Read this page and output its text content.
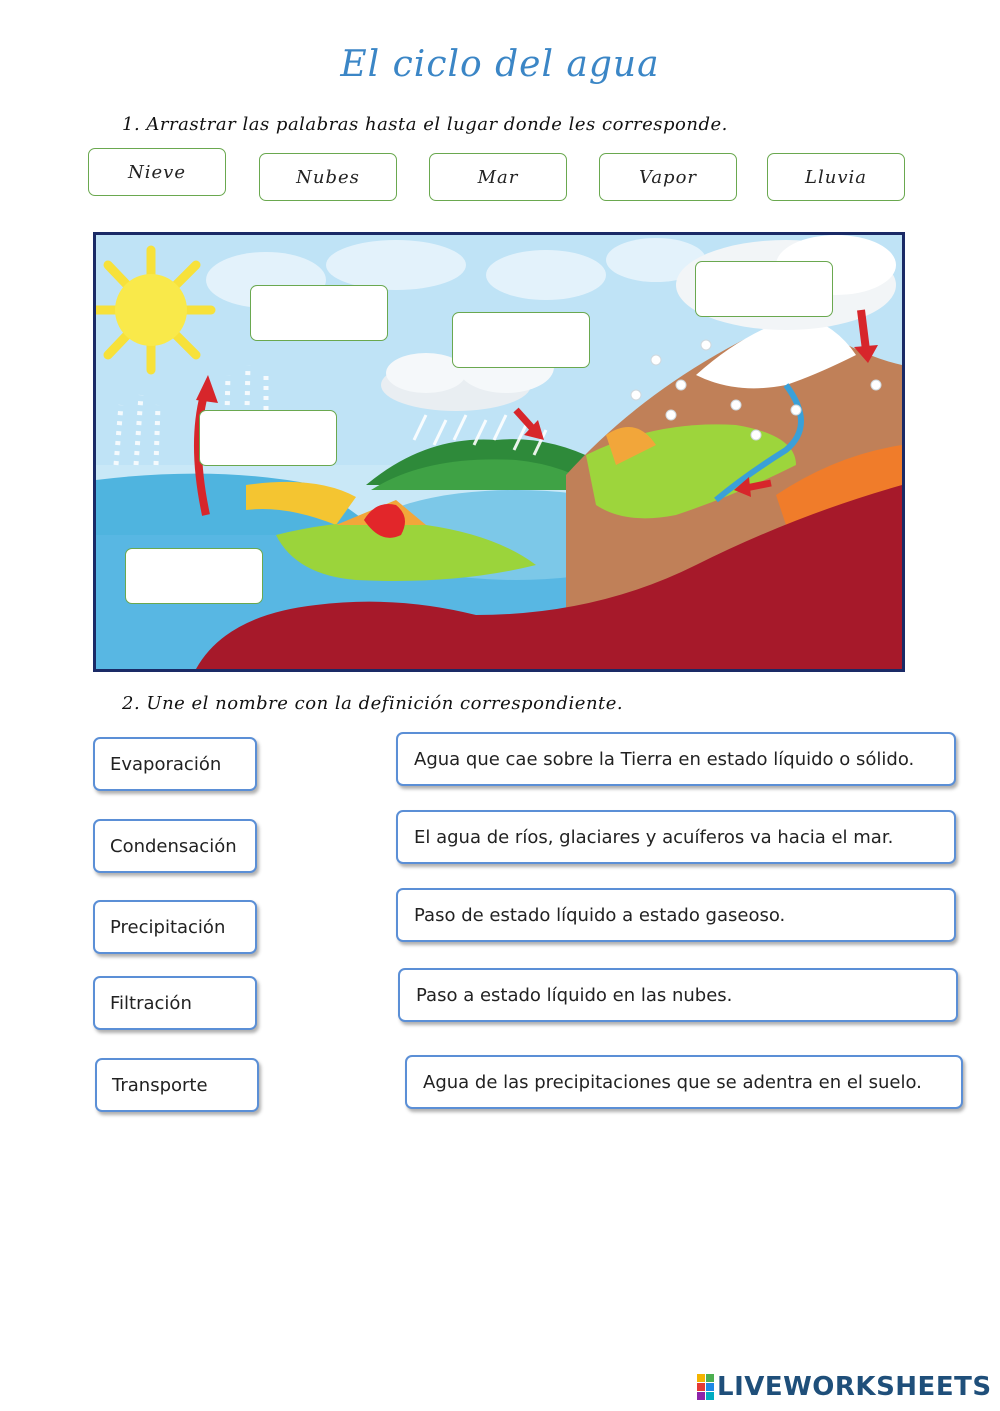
El ciclo del agua
1. Arrastrar las palabras hasta el lugar donde les corresponde.
Nieve	Nubes	Mar	Vapor	Lluvia
2. Une el nombre con la definición correspondiente.
Evaporación
Condensación
Precipitación
Filtración
Transporte
Agua que cae sobre la Tierra en estado líquido o sólido.
El agua de ríos, glaciares y acuíferos va hacia el mar.
Paso de estado líquido a estado gaseoso.
Paso a estado líquido en las nubes.
Agua de las precipitaciones que se adentra en el suelo.
LIVEWORKSHEETS
